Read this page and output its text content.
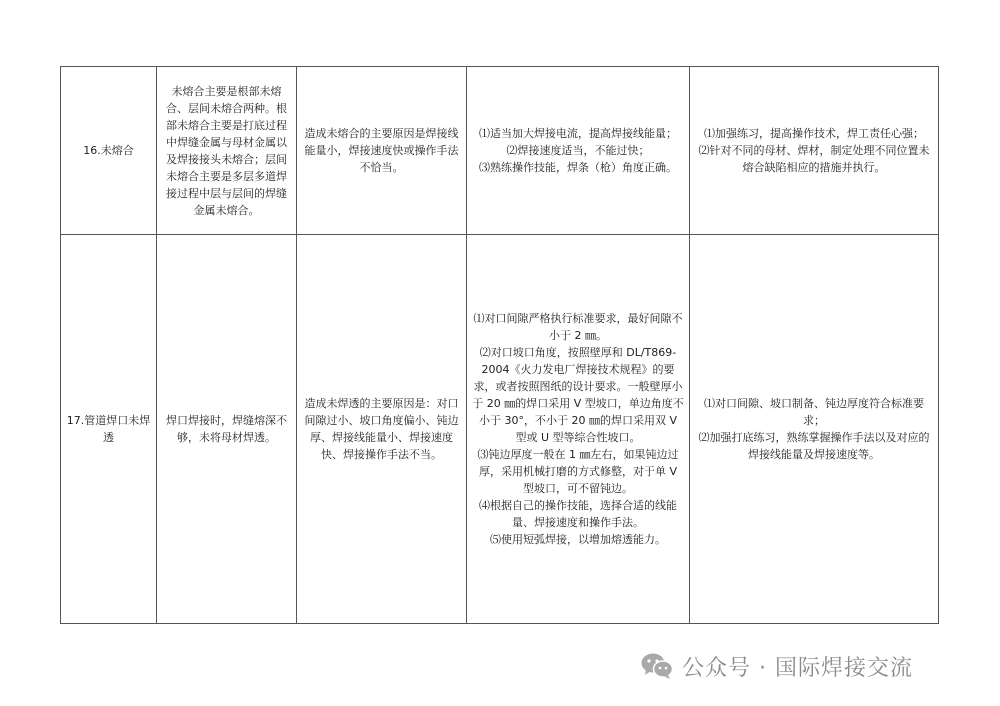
16.未熔合	未熔合主要是根部未熔合、层间未熔合两种。根部未熔合主要是打底过程中焊缝金属与母材金属以及焊接接头未熔合；层间未熔合主要是多层多道焊接过程中层与层间的焊缝金属未熔合。	造成未熔合的主要原因是焊接线能量小，焊接速度快或操作手法不恰当。	⑴适当加大焊接电流，提高焊接线能量；
⑵焊接速度适当，不能过快；
⑶熟练操作技能，焊条（枪）角度正确。	⑴加强练习，提高操作技术，焊工责任心强；
⑵针对不同的母材、焊材，制定处理不同位置未熔合缺陷相应的措施并执行。

17.管道焊口未焊透	焊口焊接时，焊缝熔深不够，未将母材焊透。	造成未焊透的主要原因是：对口间隙过小、坡口角度偏小、钝边厚、焊接线能量小、焊接速度快、焊接操作手法不当。	⑴对口间隙严格执行标准要求，最好间隙不小于 2 ㎜。
⑵对口坡口角度，按照壁厚和 DL/T869-2004《火力发电厂焊接技术规程》的要求，或者按照图纸的设计要求。一般壁厚小于 20 ㎜的焊口采用 V 型坡口，单边角度不小于 30°，不小于 20 ㎜的焊口采用双 V 型或 U 型等综合性坡口。
⑶钝边厚度一般在 1 ㎜左右，如果钝边过厚，采用机械打磨的方式修整，对于单 V 型坡口，可不留钝边。
⑷根据自己的操作技能，选择合适的线能量、焊接速度和操作手法。
⑸使用短弧焊接，以增加熔透能力。	⑴对口间隙、坡口制备、钝边厚度符合标准要求；
⑵加强打底练习，熟练掌握操作手法以及对应的焊接线能量及焊接速度等。
公众号 · 国际焊接交流
